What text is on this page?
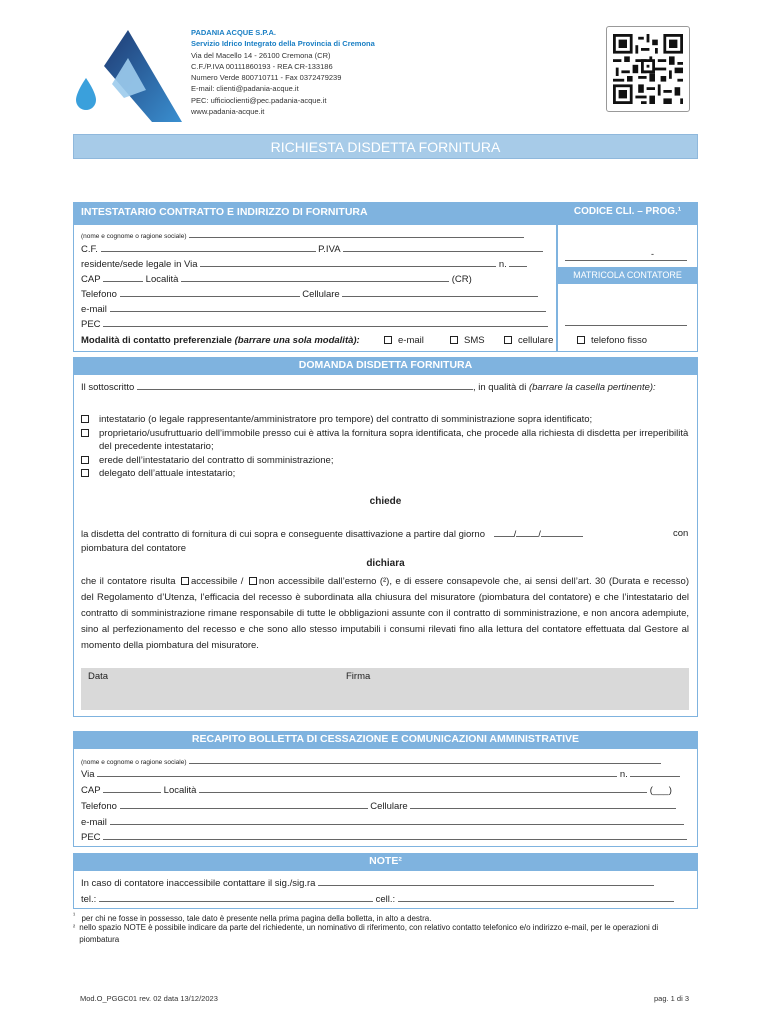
PADANIA ACQUE S.P.A.
Servizio Idrico Integrato della Provincia di Cremona
Via del Macello 14 - 26100 Cremona (CR)
C.F./P.IVA 00111860193 - REA CR-133186
Numero Verde 800710711 - Fax 0372479239
E-mail: clienti@padania-acque.it
PEC: ufficioclienti@pec.padania-acque.it
www.padania-acque.it
RICHIESTA DISDETTA FORNITURA
INTESTATARIO CONTRATTO E INDIRIZZO DI FORNITURA	CODICE CLI. – PROG.¹
-
MATRICOLA CONTATORE
(nome e cognome o ragione sociale)
C.F.	P.IVA
residente/sede legale in Via	n.
CAP	Località	(CR)
Telefono	Cellulare
e-mail
PEC
Modalità di contatto preferenziale (barrare una sola modalità):	e-mail	SMS	cellulare	telefono fisso
DOMANDA DISDETTA FORNITURA
Il sottoscritto	, in qualità di (barrare la casella pertinente):
intestatario (o legale rappresentante/amministratore pro tempore) del contratto di somministrazione sopra identificato;
proprietario/usufruttuario dell’immobile presso cui è attiva la fornitura sopra identificata, che procede alla richiesta di disdetta per irreperibilità del precedente intestatario;
erede dell’intestatario del contratto di somministrazione;
delegato dell’attuale intestatario;
chiede
la disdetta del contratto di fornitura di cui sopra e conseguente disattivazione a partire dal giorno	/ /	con
piombatura del contatore
dichiara
che il contatore risulta accessibile / non accessibile dall’esterno (²), e di essere consapevole che, ai sensi dell’art. 30 (Durata e recesso) del Regolamento d’Utenza, l’efficacia del recesso è subordinata alla chiusura del misuratore (piombatura del contatore) e che l’intestatario del contratto di somministrazione rimane responsabile di tutte le obbligazioni assunte con il contratto di somministrazione, e non ancora adempiute, sino al perfezionamento del recesso e che sono allo stesso imputabili i consumi rilevati fino alla lettura del contatore effettuata dal Gestore al momento della piombatura del misuratore.
Data	Firma
RECAPITO BOLLETTA DI CESSAZIONE E COMUNICAZIONI AMMINISTRATIVE
(nome e cognome o ragione sociale)
Via	n.
CAP	Località	(___)
Telefono	Cellulare
e-mail
PEC
NOTE²
In caso di contatore inaccessibile contattare il sig./sig.ra
tel.:	cell.:
$^{^1}$ per chi ne fosse in possesso, tale dato è presente nella prima pagina della bolletta, in alto a destra.
² nello spazio NOTE è possibile indicare da parte del richiedente, un nominativo di riferimento, con relativo contatto telefonico e/o indirizzo e-mail, per le operazioni di piombatura
Mod.O_PGGC01 rev. 02 data 13/12/2023	pag. 1 di 3
